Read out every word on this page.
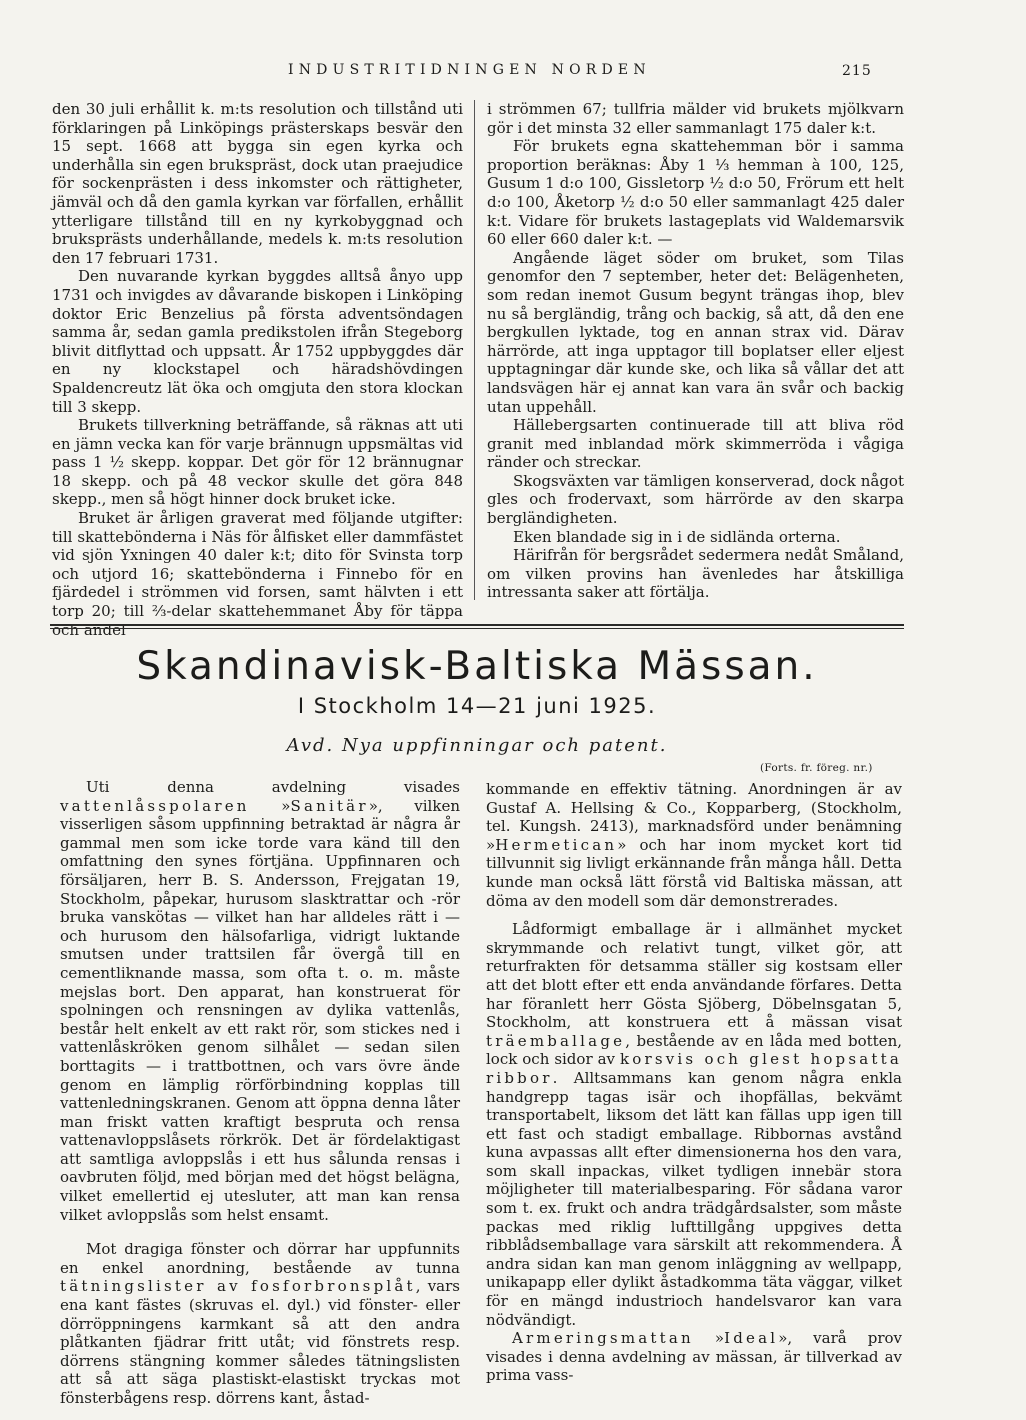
INDUSTRITIDNINGEN NORDEN	215

den 30 juli erhållit k. m:ts resolution och tillstånd uti förklaringen på Linköpings prästerskaps besvär den 15 sept. 1668 att bygga sin egen kyrka och underhålla sin egen brukspräst, dock utan praejudice för sockenprästen i dess inkomster och rättigheter, jämväl och då den gamla kyrkan var förfallen, erhållit ytterligare tillstånd till en ny kyrkobyggnad och bruksprästs underhållande, medels k. m:ts resolution den 17 februari 1731.

Den nuvarande kyrkan byggdes alltså ånyo upp 1731 och invigdes av dåvarande biskopen i Linköping doktor Eric Benzelius på första adventsöndagen samma år, sedan gamla predikstolen ifrån Stegeborg blivit ditflyttad och uppsatt. År 1752 uppbyggdes där en ny klockstapel och häradshövdingen Spaldencreutz lät öka och omgjuta den stora klockan till 3 skepp.

Brukets tillverkning beträffande, så räknas att uti en jämn vecka kan för varje brännugn uppsmältas vid pass 1 ½ skepp. koppar. Det gör för 12 brännugnar 18 skepp. och på 48 veckor skulle det göra 848 skepp., men så högt hinner dock bruket icke.

Bruket är årligen graverat med följande utgifter: till skattebönderna i Näs för ålfisket eller dammfästet vid sjön Yxningen 40 daler k:t; dito för Svinsta torp och utjord 16; skattebönderna i Finnebo för en fjärdedel i strömmen vid forsen, samt hälvten i ett torp 20; till ⅔-delar skattehemmanet Åby för täppa och andel

i strömmen 67; tullfria mälder vid brukets mjölkvarn gör i det minsta 32 eller sammanlagt 175 daler k:t.

För brukets egna skattehemman bör i samma proportion beräknas: Åby 1 ⅓ hemman à 100, 125, Gusum 1 d:o 100, Gissletorp ½ d:o 50, Frörum ett helt d:o 100, Åketorp ½ d:o 50 eller sammanlagt 425 daler k:t. Vidare för brukets lastageplats vid Waldemarsvik 60 eller 660 daler k:t. —

Angående läget söder om bruket, som Tilas genomfor den 7 september, heter det: Belägenheten, som redan inemot Gusum begynt trängas ihop, blev nu så bergländig, trång och backig, så att, då den ene bergkullen lyktade, tog en annan strax vid. Därav härrörde, att inga upptagor till boplatser eller eljest upptagningar där kunde ske, och lika så vållar det att landsvägen här ej annat kan vara än svår och backig utan uppehåll.

Hällebergsarten continuerade till att bliva röd granit med inblandad mörk skimmerröda i vågiga ränder och streckar.

Skogsväxten var tämligen konserverad, dock något gles och frodervaxt, som härrörde av den skarpa bergländigheten.

Eken blandade sig in i de sidlända orterna.

Härifrån för bergsrådet sedermera nedåt Småland, om vilken provins han ävenledes har åtskilliga intressanta saker att förtälja.

Skandinavisk-Baltiska Mässan.
I Stockholm 14—21 juni 1925.
Avd. Nya uppfinningar och patent.
(Forts. fr. föreg. nr.)

Uti denna avdelning visades vattenlåsspolaren »Sanitär», vilken visserligen såsom uppfinning betraktad är några år gammal men som icke torde vara känd till den omfattning den synes förtjäna. Uppfinnaren och försäljaren, herr B. S. Andersson, Frejgatan 19, Stockholm, påpekar, hurusom slasktrattar och -rör bruka vanskötas — vilket han har alldeles rätt i — och hurusom den hälsofarliga, vidrigt luktande smutsen under trattsilen får övergå till en cementliknande massa, som ofta t. o. m. måste mejslas bort. Den apparat, han konstruerat för spolningen och rensningen av dylika vattenlås, består helt enkelt av ett rakt rör, som stickes ned i vattenlåskröken genom silhålet — sedan silen borttagits — i trattbottnen, och vars övre ände genom en lämplig rörförbindning kopplas till vattenledningskranen. Genom att öppna denna låter man friskt vatten kraftigt bespruta och rensa vattenavloppslåsets rörkrök. Det är fördelaktigast att samtliga avloppslås i ett hus sålunda rensas i oavbruten följd, med början med det högst belägna, vilket emellertid ej utesluter, att man kan rensa vilket avloppslås som helst ensamt.

Mot dragiga fönster och dörrar har uppfunnits en enkel anordning, bestående av tunna tätningslister av fosforbronsplåt, vars ena kant fästes (skruvas el. dyl.) vid fönster- eller dörröppningens karmkant så att den andra plåtkanten fjädrar fritt utåt; vid fönstrets resp. dörrens stängning kommer således tätningslisten att så att säga plastiskt-elastiskt tryckas mot fönsterbågens resp. dörrens kant, åstad-

kommande en effektiv tätning. Anordningen är av Gustaf A. Hellsing & Co., Kopparberg, (Stockholm, tel. Kungsh. 2413), marknadsförd under benämning »Hermetican» och har inom mycket kort tid tillvunnit sig livligt erkännande från många håll. Detta kunde man också lätt förstå vid Baltiska mässan, att döma av den modell som där demonstrerades.

Lådformigt emballage är i allmänhet mycket skrymmande och relativt tungt, vilket gör, att returfrakten för detsamma ställer sig kostsam eller att det blott efter ett enda användande förfares. Detta har föranlett herr Gösta Sjöberg, Döbelnsgatan 5, Stockholm, att konstruera ett å mässan visat träemballage, bestående av en låda med botten, lock och sidor av korsvis och glest hopsatta ribbor. Alltsammans kan genom några enkla handgrepp tagas isär och ihopfällas, bekvämt transportabelt, liksom det lätt kan fällas upp igen till ett fast och stadigt emballage. Ribbornas avstånd kuna avpassas allt efter dimensionerna hos den vara, som skall inpackas, vilket tydligen innebär stora möjligheter till materialbesparing. För sådana varor som t. ex. frukt och andra trädgårdsalster, som måste packas med riklig lufttillgång uppgives detta ribblådsemballage vara särskilt att rekommendera. Å andra sidan kan man genom inläggning av wellpapp, unikapapp eller dylikt åstadkomma täta väggar, vilket för en mängd industrioch handelsvaror kan vara nödvändigt.

Armeringsmattan »Ideal», varå prov visades i denna avdelning av mässan, är tillverkad av prima vass-
